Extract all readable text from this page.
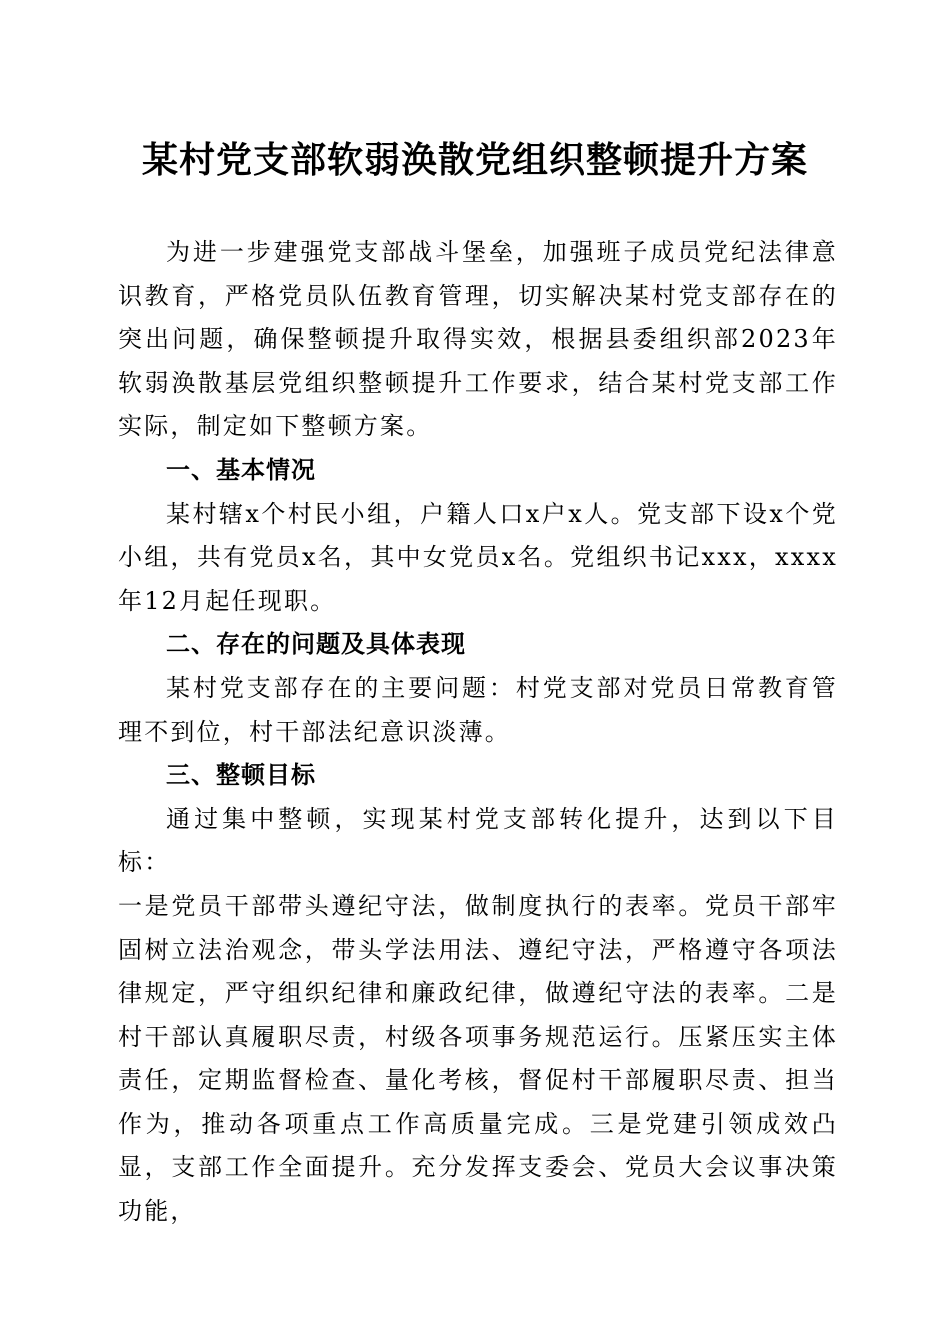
某村党支部软弱涣散党组织整顿提升方案

为进一步建强党支部战斗堡垒，加强班子成员党纪法律意识教育，严格党员队伍教育管理，切实解决某村党支部存在的突出问题，确保整顿提升取得实效，根据县委组织部2023年软弱涣散基层党组织整顿提升工作要求，结合某村党支部工作实际，制定如下整顿方案。

一、基本情况

某村辖x个村民小组，户籍人口x户x人。党支部下设x个党小组，共有党员x名，其中女党员x名。党组织书记xxx，xxxx年12月起任现职。

二、存在的问题及具体表现

某村党支部存在的主要问题：村党支部对党员日常教育管理不到位，村干部法纪意识淡薄。

三、整顿目标

通过集中整顿，实现某村党支部转化提升，达到以下目标：

一是党员干部带头遵纪守法，做制度执行的表率。党员干部牢固树立法治观念，带头学法用法、遵纪守法，严格遵守各项法律规定，严守组织纪律和廉政纪律，做遵纪守法的表率。二是村干部认真履职尽责，村级各项事务规范运行。压紧压实主体责任，定期监督检查、量化考核，督促村干部履职尽责、担当作为，推动各项重点工作高质量完成。三是党建引领成效凸显，支部工作全面提升。充分发挥支委会、党员大会议事决策功能，
